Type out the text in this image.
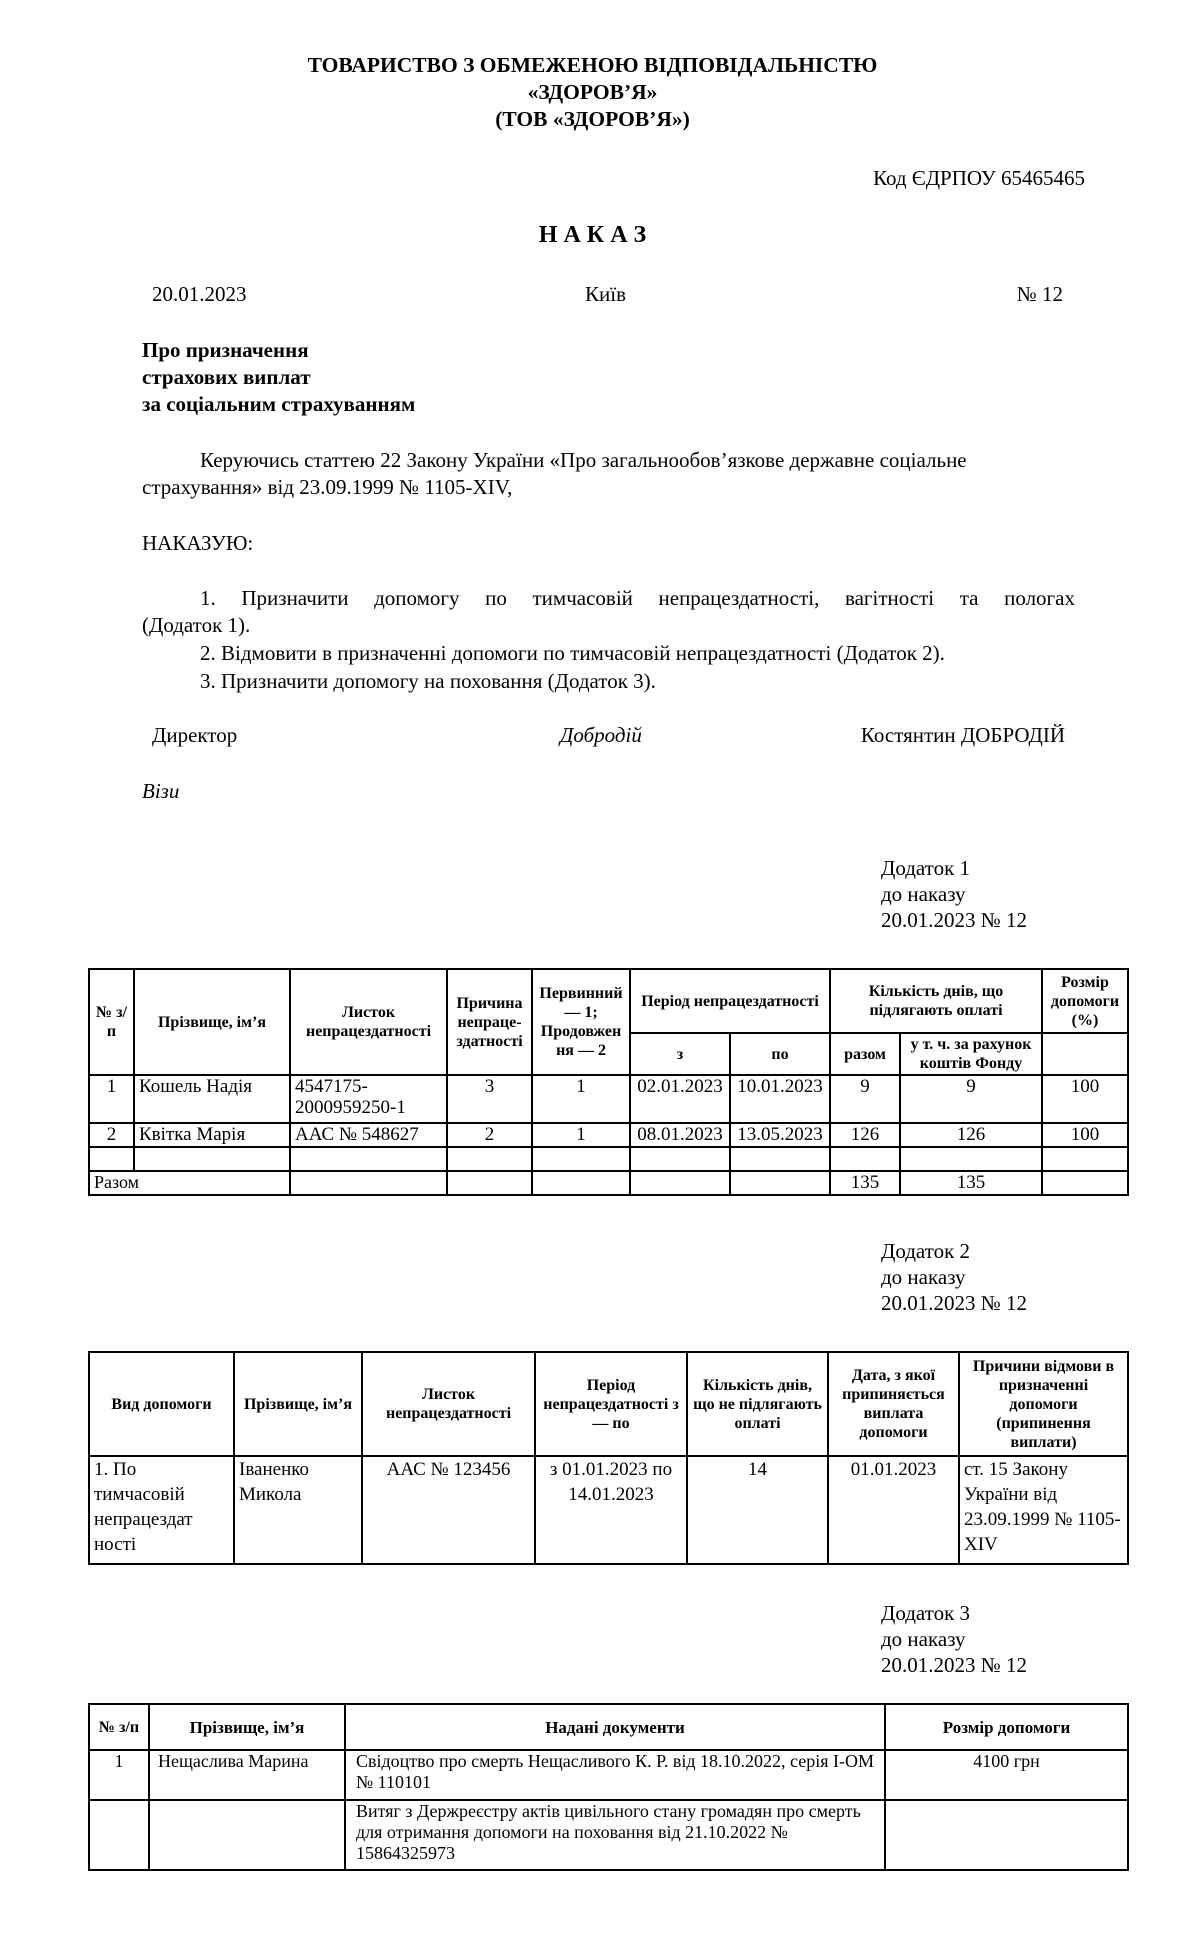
ТОВАРИСТВО З ОБМЕЖЕНОЮ ВІДПОВІДАЛЬНІСТЮ
«ЗДОРОВ’Я»
(ТОВ «ЗДОРОВ’Я»)
Код ЄДРПОУ 65465465
Н А К А З
20.01.2023	Київ	№ 12
Про призначення
страхових виплат
за соціальним страхуванням
Керуючись статтею 22 Закону України «Про загальнообов’язкове державне соціальне
страхування» від 23.09.1999 № 1105-XIV,
НАКАЗУЮ:
1. Призначити допомогу по тимчасовій непрацездатності, вагітності та пологах
(Додаток 1).
2. Відмовити в призначенні допомоги по тимчасовій непрацездатності (Додаток 2).
3. Призначити допомогу на поховання (Додаток 3).
Директор	Добродій	Костянтин ДОБРОДІЙ
Візи
Додаток 1
до наказу
20.01.2023 № 12
№ з/п	Прізвище, ім’я	Листок непрацездатності	Причина непраце-здатності	Первинний — 1; Продовжен ня — 2	Період непрацездатності		Кількість днів, що підлягають оплаті		Розмір допомоги (%)
					з	по	разом	у т. ч. за рахунок коштів Фонду	
1	Кошель Надія	4547175-2000959250-1	3	1	02.01.2023	10.01.2023	9	9	100
2	Квітка Марія	ААС № 548627	2	1	08.01.2023	13.05.2023	126	126	100

Разом							135	135	
Додаток 2
до наказу
20.01.2023 № 12
Вид допомоги	Прізвище, ім’я	Листок непрацездатності	Період непрацездатності з — по	Кількість днів, що не підлягають оплаті	Дата, з якої припиняється виплата допомоги	Причини відмови в призначенні допомоги (припинення виплати)
1. По тимчасовій непрацездат ності	Іваненко Микола	ААС № 123456	з 01.01.2023 по 14.01.2023	14	01.01.2023	ст. 15 Закону України від 23.09.1999 № 1105-XIV
Додаток 3
до наказу
20.01.2023 № 12
№ з/п	Прізвище, ім’я	Надані документи	Розмір допомоги
1	Нещаслива Марина	Свідоцтво про смерть Нещасливого К. Р. від 18.10.2022, серія І-ОМ № 110101	4100 грн
		Витяг з Держреєстру актів цивільного стану громадян про смерть для отримання допомоги на поховання від 21.10.2022 № 15864325973	
